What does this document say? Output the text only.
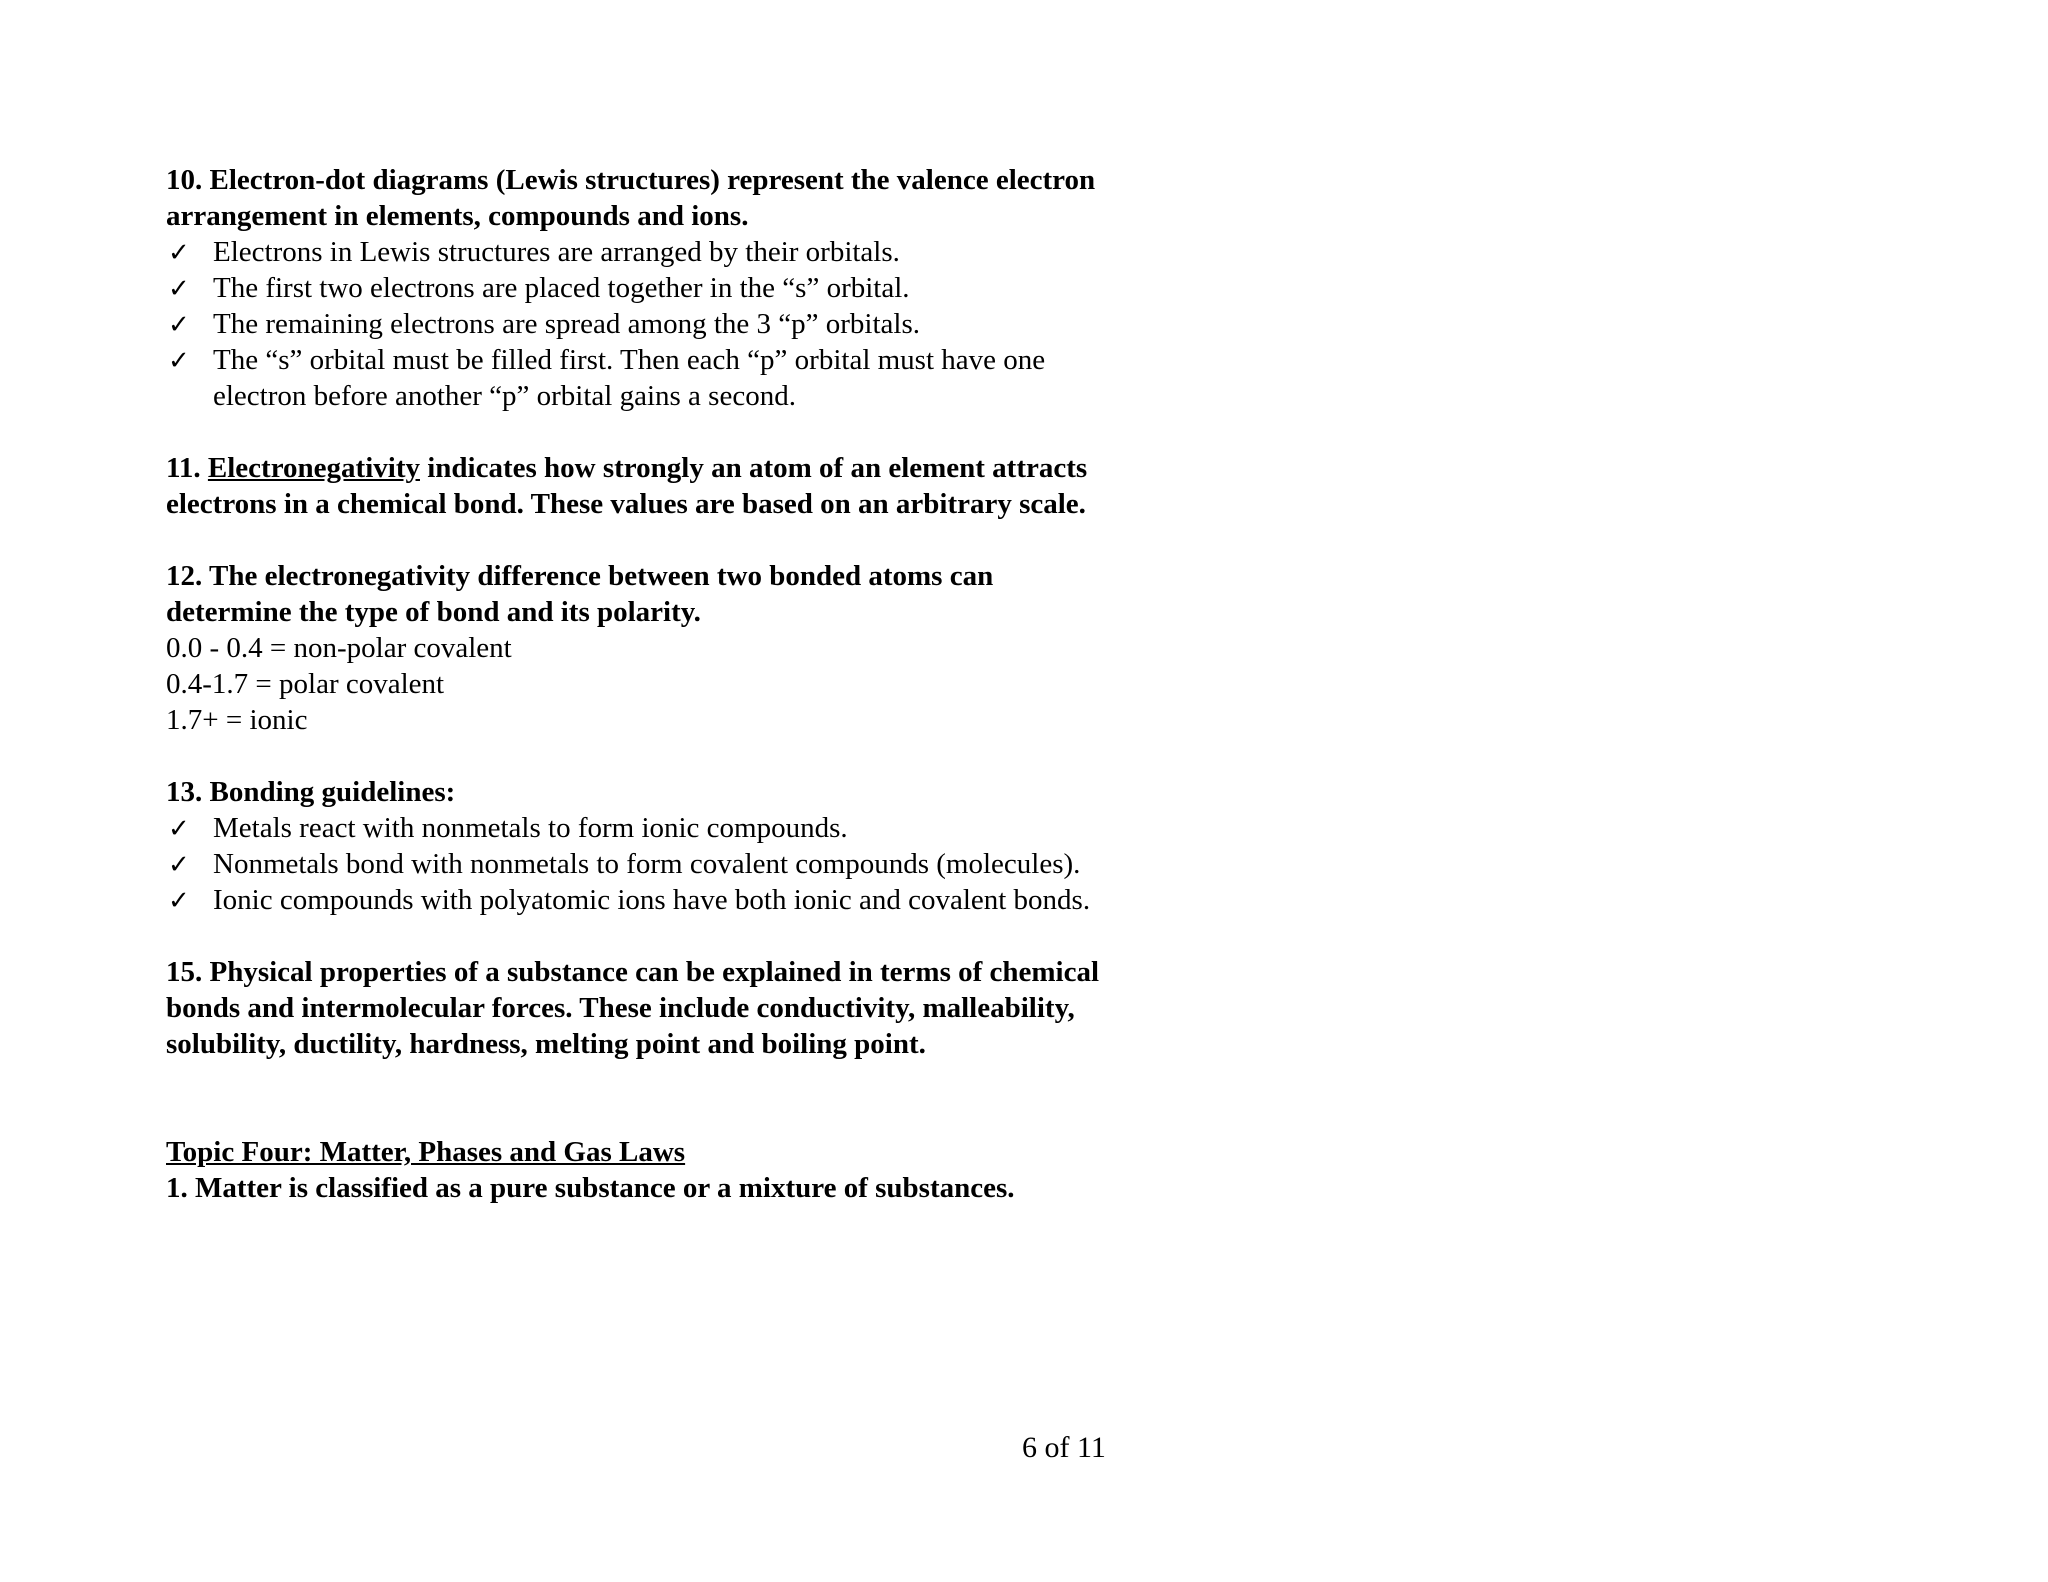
10. Electron-dot diagrams (Lewis structures) represent the valence electron arrangement in elements, compounds and ions.

✓ Electrons in Lewis structures are arranged by their orbitals.
✓ The first two electrons are placed together in the “s” orbital.
✓ The remaining electrons are spread among the 3 “p” orbitals.
✓ The “s” orbital must be filled first. Then each “p” orbital must have one electron before another “p” orbital gains a second.

11. Electronegativity indicates how strongly an atom of an element attracts electrons in a chemical bond. These values are based on an arbitrary scale.

12. The electronegativity difference between two bonded atoms can determine the type of bond and its polarity.

0.0 - 0.4 = non-polar covalent

0.4-1.7 = polar covalent

1.7+ = ionic

13. Bonding guidelines:

✓ Metals react with nonmetals to form ionic compounds.
✓ Nonmetals bond with nonmetals to form covalent compounds (molecules).
✓ Ionic compounds with polyatomic ions have both ionic and covalent bonds.

15. Physical properties of a substance can be explained in terms of chemical bonds and intermolecular forces. These include conductivity, malleability, solubility, ductility, hardness, melting point and boiling point.

Topic Four: Matter, Phases and Gas Laws

1. Matter is classified as a pure substance or a mixture of substances.

6 of 11
